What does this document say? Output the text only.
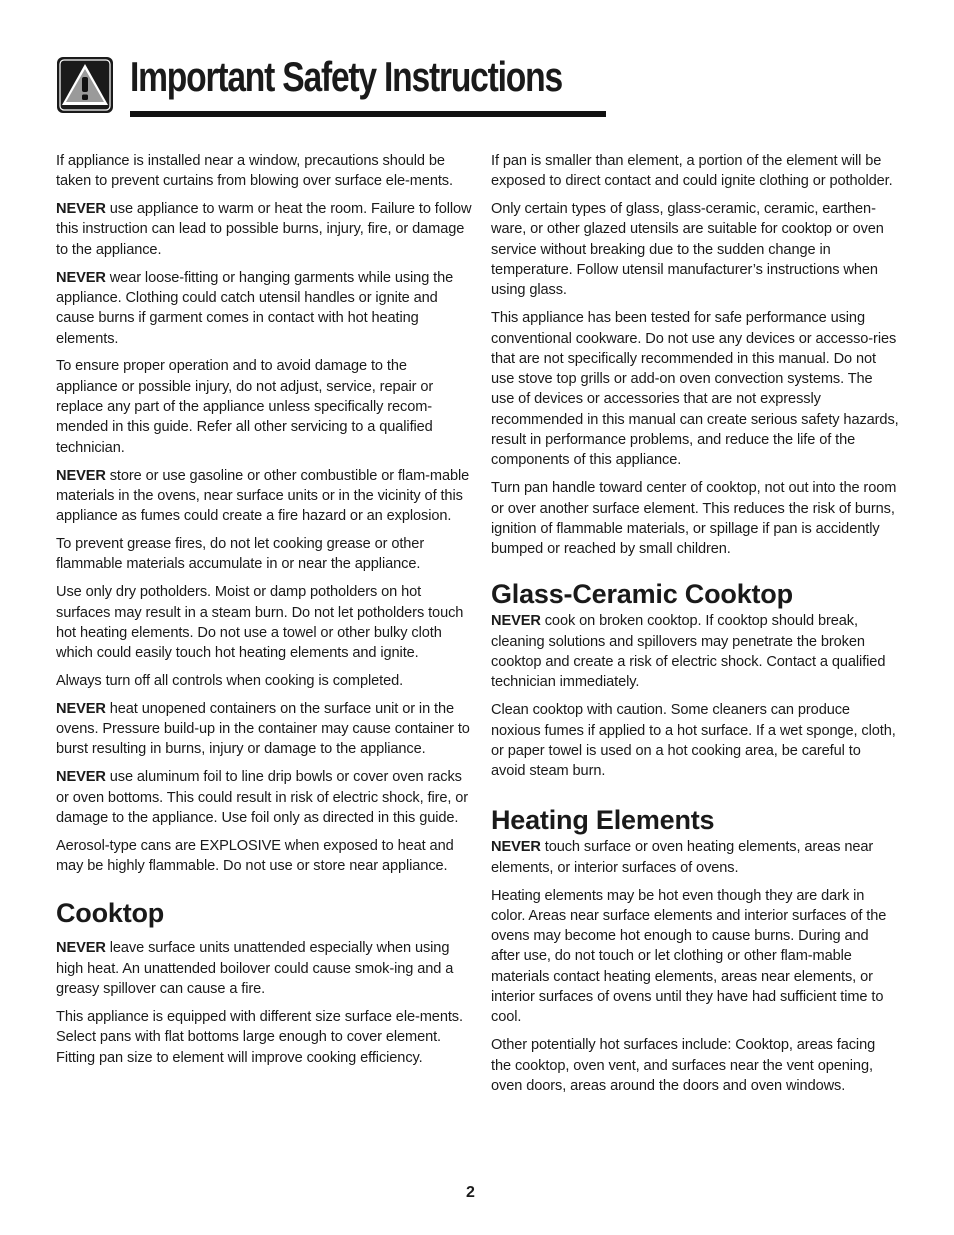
Important Safety Instructions

If appliance is installed near a window, precautions should be taken to prevent curtains from blowing over surface ele-ments.

NEVER use appliance to warm or heat the room. Failure to follow this instruction can lead to possible burns, injury, fire, or damage to the appliance.

NEVER wear loose-fitting or hanging garments while using the appliance. Clothing could catch utensil handles or ignite and cause burns if garment comes in contact with hot heating elements.

To ensure proper operation and to avoid damage to the appliance or possible injury, do not adjust, service, repair or replace any part of the appliance unless specifically recom-mended in this guide. Refer all other servicing to a qualified technician.

NEVER store or use gasoline or other combustible or flam-mable materials in the ovens, near surface units or in the vicinity of this appliance as fumes could create a fire hazard or an explosion.

To prevent grease fires, do not let cooking grease or other flammable materials accumulate in or near the appliance.

Use only dry potholders. Moist or damp potholders on hot surfaces may result in a steam burn. Do not let potholders touch hot heating elements. Do not use a towel or other bulky cloth which could easily touch hot heating elements and ignite.

Always turn off all controls when cooking is completed.

NEVER heat unopened containers on the surface unit or in the ovens. Pressure build-up in the container may cause container to burst resulting in burns, injury or damage to the appliance.

NEVER use aluminum foil to line drip bowls or cover oven racks or oven bottoms. This could result in risk of electric shock, fire, or damage to the appliance. Use foil only as directed in this guide.

Aerosol-type cans are EXPLOSIVE when exposed to heat and may be highly flammable. Do not use or store near appliance.

Cooktop

NEVER leave surface units unattended especially when using high heat. An unattended boilover could cause smok-ing and a greasy spillover can cause a fire.

This appliance is equipped with different size surface ele-ments. Select pans with flat bottoms large enough to cover element. Fitting pan size to element will improve cooking efficiency.

If pan is smaller than element, a portion of the element will be exposed to direct contact and could ignite clothing or potholder.

Only certain types of glass, glass-ceramic, ceramic, earthen-ware, or other glazed utensils are suitable for cooktop or oven service without breaking due to the sudden change in temperature. Follow utensil manufacturer’s instructions when using glass.

This appliance has been tested for safe performance using conventional cookware. Do not use any devices or accesso-ries that are not specifically recommended in this manual. Do not use stove top grills or add-on oven convection systems. The use of devices or accessories that are not expressly recommended in this manual can create serious safety hazards, result in performance problems, and reduce the life of the components of this appliance.

Turn pan handle toward center of cooktop, not out into the room or over another surface element. This reduces the risk of burns, ignition of flammable materials, or spillage if pan is accidently bumped or reached by small children.

Glass-Ceramic Cooktop

NEVER cook on broken cooktop. If cooktop should break, cleaning solutions and spillovers may penetrate the broken cooktop and create a risk of electric shock. Contact a qualified technician immediately.

Clean cooktop with caution. Some cleaners can produce noxious fumes if applied to a hot surface. If a wet sponge, cloth, or paper towel is used on a hot cooking area, be careful to avoid steam burn.

Heating Elements

NEVER touch surface or oven heating elements, areas near elements, or interior surfaces of ovens.

Heating elements may be hot even though they are dark in color. Areas near surface elements and interior surfaces of the ovens may become hot enough to cause burns. During and after use, do not touch or let clothing or other flam-mable materials contact heating elements, areas near elements, or interior surfaces of ovens until they have had sufficient time to cool.

Other potentially hot surfaces include: Cooktop, areas facing the cooktop, oven vent, and surfaces near the vent opening, oven doors, areas around the doors and oven windows.

2
